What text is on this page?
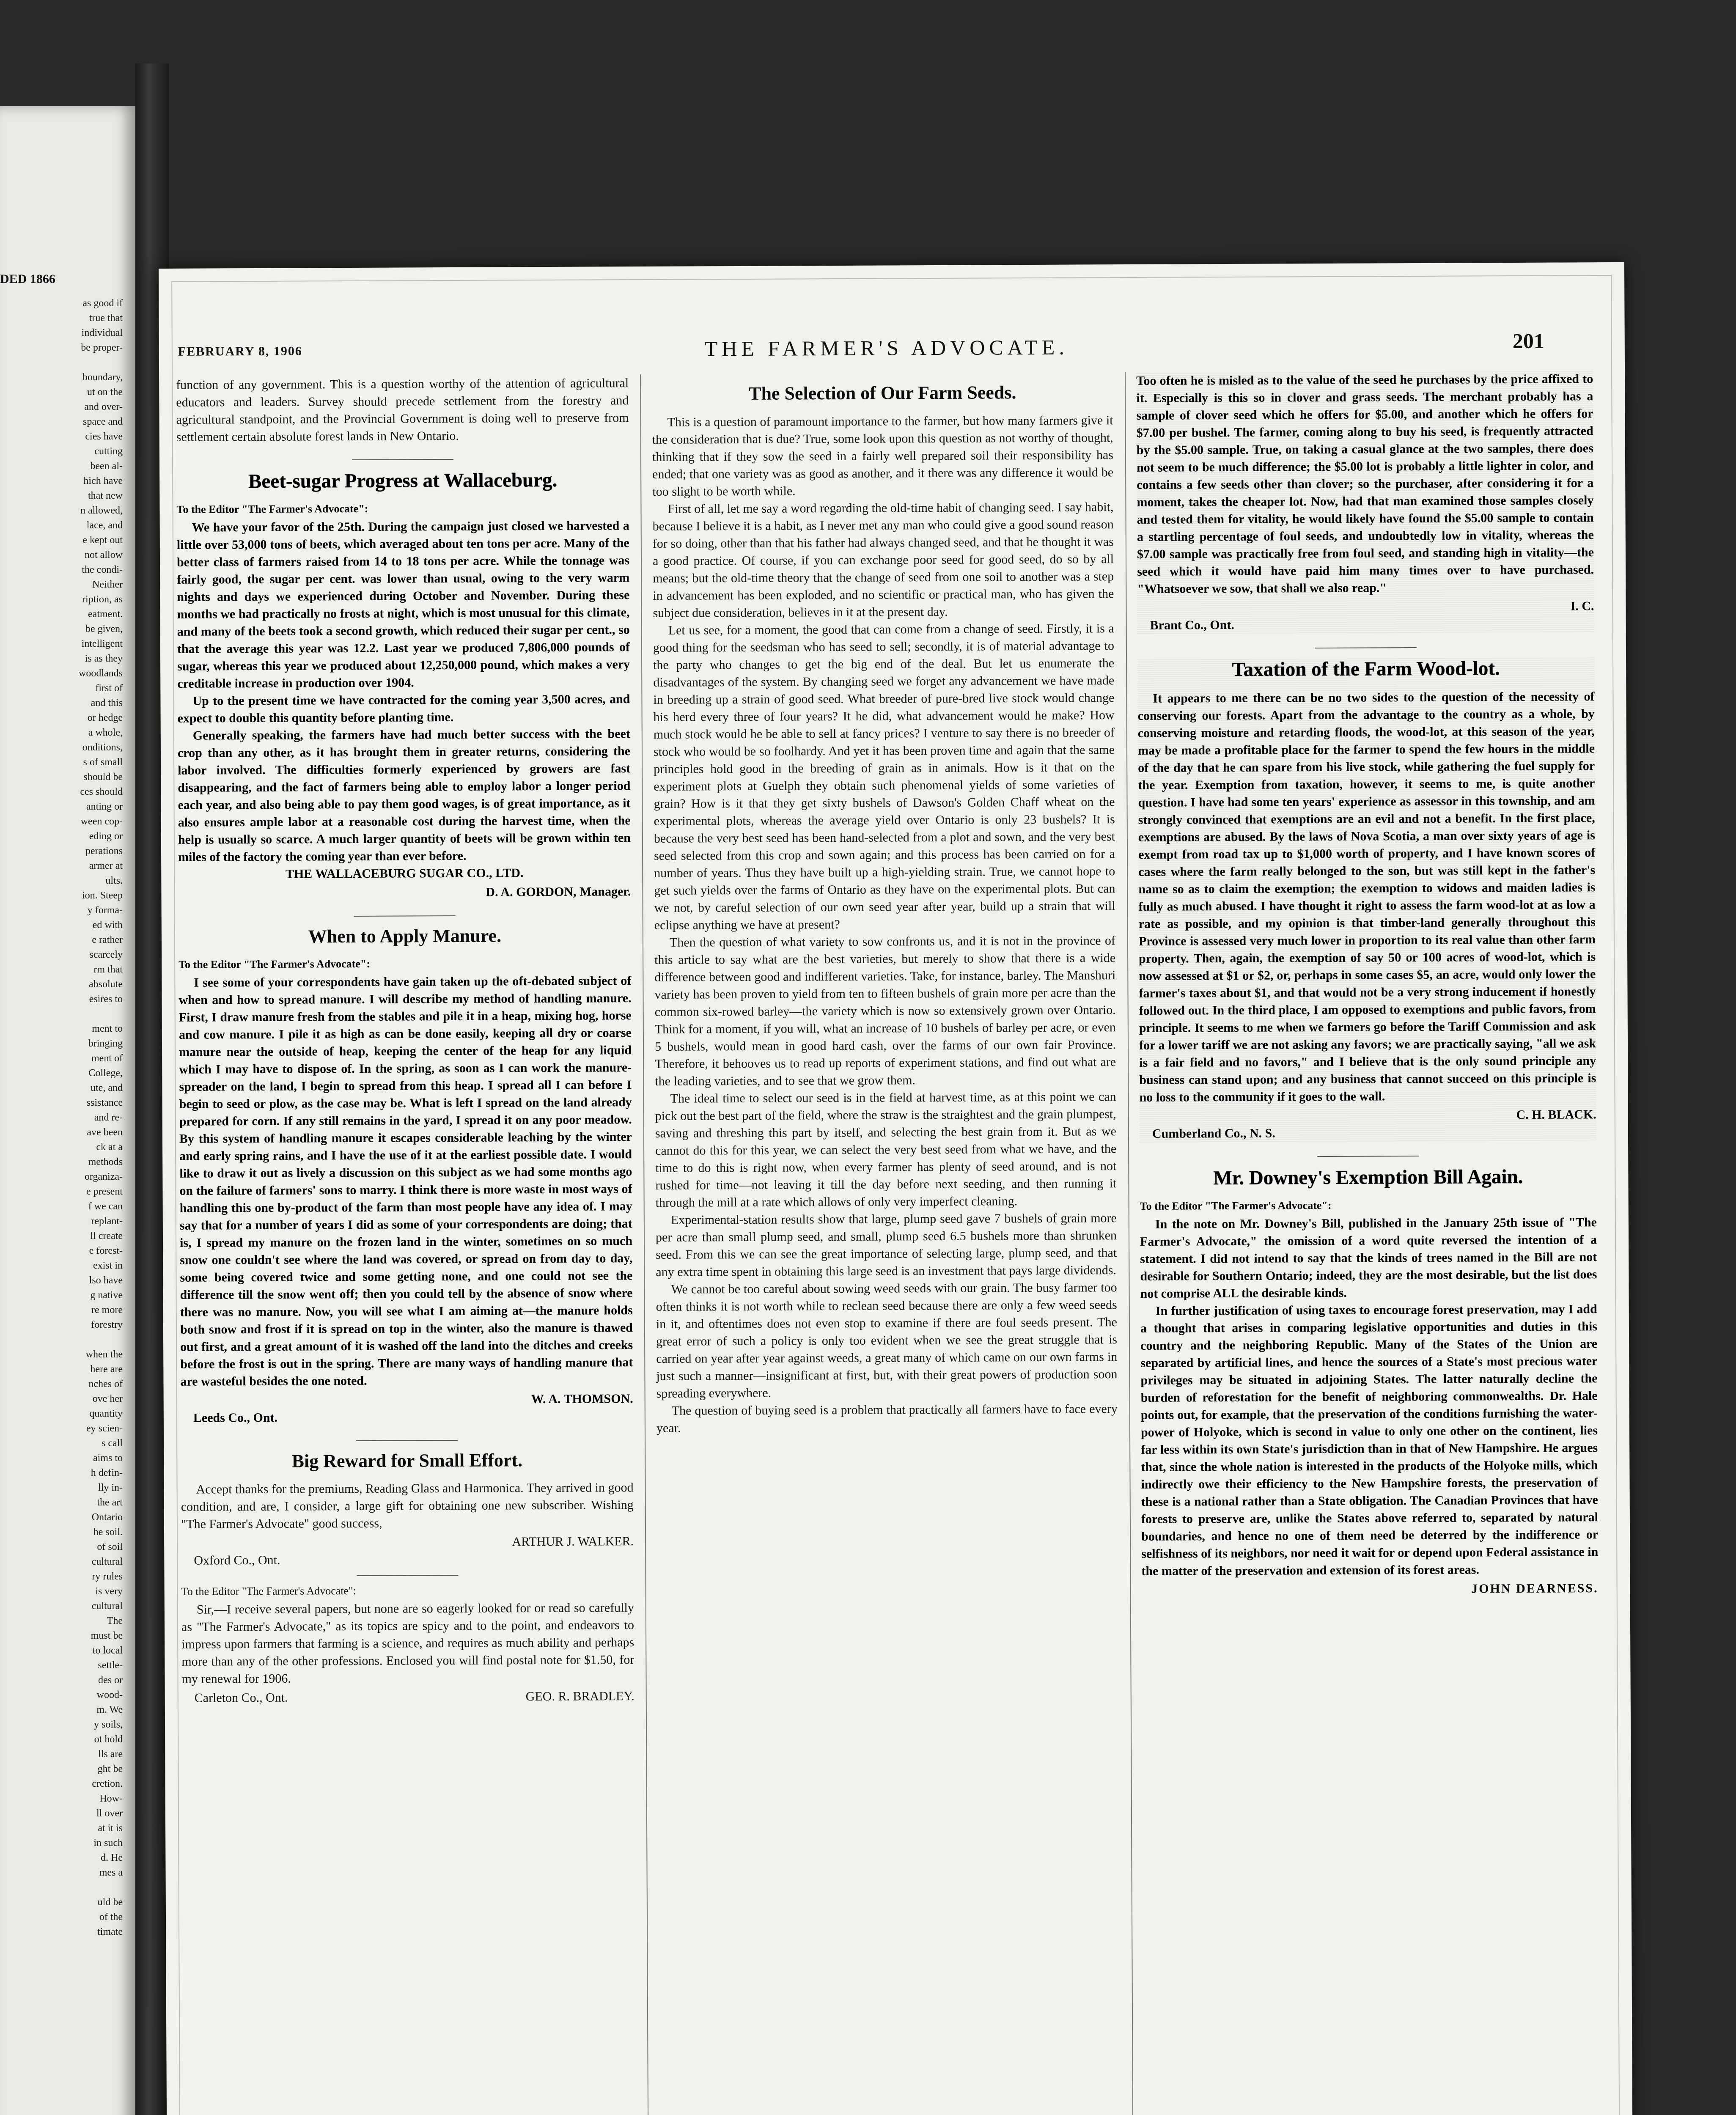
DED 1866
as good if
true that
individual
be proper-

boundary,
ut on the
and over-
space and
cies have
cutting
been al-
hich have
that new
n allowed,
lace, and
e kept out
not allow
the condi-
Neither
ription, as
eatment.
be given,
intelligent
is as they
woodlands
first of
and this
or hedge
a whole,
onditions,
s of small
should be
ces should
anting or
ween cop-
eding or
perations
armer at
ults.
ion. Steep
y forma-
ed with
e rather
scarcely
rm that
absolute
esires to

ment to
bringing
ment of
College,
ute, and
ssistance
and re-
ave been
ck at a
methods
organiza-
e present
f we can
replant-
ll create
e forest-
exist in
lso have
g native
re more
forestry

when the
here are
nches of
ove her
quantity
ey scien-
s call
aims to
h defin-
lly in-
the art
Ontario
he soil.
of soil
cultural
ry rules
is very
cultural
The
must be
to local
settle-
des or
wood-
m. We
y soils,
ot hold
lls are
ght be
cretion.
How-
ll over
at it is
in such
d. He
mes a

uld be
of the
timate
FEBRUARY 8, 1906	THE FARMER'S ADVOCATE.	201

function of any government. This is a question worthy of the attention of agricultural educators and leaders. Survey should precede settlement from the forestry and agricultural standpoint, and the Provincial Government is doing well to preserve from settlement certain absolute forest lands in New Ontario.

Beet-sugar Progress at Wallaceburg.
To the Editor "The Farmer's Advocate":

We have your favor of the 25th. During the campaign just closed we harvested a little over 53,000 tons of beets, which averaged about ten tons per acre. Many of the better class of farmers raised from 14 to 18 tons per acre. While the tonnage was fairly good, the sugar per cent. was lower than usual, owing to the very warm nights and days we experienced during October and November. During these months we had practically no frosts at night, which is most unusual for this climate, and many of the beets took a second growth, which reduced their sugar per cent., so that the average this year was 12.2. Last year we produced 7,806,000 pounds of sugar, whereas this year we produced about 12,250,000 pound, which makes a very creditable increase in production over 1904.

Up to the present time we have contracted for the coming year 3,500 acres, and expect to double this quantity before planting time.

Generally speaking, the farmers have had much better success with the beet crop than any other, as it has brought them in greater returns, considering the labor involved. The difficulties formerly experienced by growers are fast disappearing, and the fact of farmers being able to employ labor a longer period each year, and also being able to pay them good wages, is of great importance, as it also ensures ample labor at a reasonable cost during the harvest time, when the help is usually so scarce. A much larger quantity of beets will be grown within ten miles of the factory the coming year than ever before.

THE WALLACEBURG SUGAR CO., LTD.
D. A. GORDON, Manager.
When to Apply Manure.
To the Editor "The Farmer's Advocate":

I see some of your correspondents have gain taken up the oft-debated subject of when and how to spread manure. I will describe my method of handling manure. First, I draw manure fresh from the stables and pile it in a heap, mixing hog, horse and cow manure. I pile it as high as can be done easily, keeping all dry or coarse manure near the outside of heap, keeping the center of the heap for any liquid which I may have to dispose of. In the spring, as soon as I can work the manure-spreader on the land, I begin to spread from this heap. I spread all I can before I begin to seed or plow, as the case may be. What is left I spread on the land already prepared for corn. If any still remains in the yard, I spread it on any poor meadow. By this system of handling manure it escapes considerable leaching by the winter and early spring rains, and I have the use of it at the earliest possible date. I would like to draw it out as lively a discussion on this subject as we had some months ago on the failure of farmers' sons to marry. I think there is more waste in most ways of handling this one by-product of the farm than most people have any idea of. I may say that for a number of years I did as some of your correspondents are doing; that is, I spread my manure on the frozen land in the winter, sometimes on so much snow one couldn't see where the land was covered, or spread on from day to day, some being covered twice and some getting none, and one could not see the difference till the snow went off; then you could tell by the absence of snow where there was no manure. Now, you will see what I am aiming at—the manure holds both snow and frost if it is spread on top in the winter, also the manure is thawed out first, and a great amount of it is washed off the land into the ditches and creeks before the frost is out in the spring. There are many ways of handling manure that are wasteful besides the one noted.

W. A. THOMSON.
Leeds Co., Ont.
Big Reward for Small Effort.

Accept thanks for the premiums, Reading Glass and Harmonica. They arrived in good condition, and are, I consider, a large gift for obtaining one new subscriber. Wishing "The Farmer's Advocate" good success,

ARTHUR J. WALKER.
Oxford Co., Ont.
To the Editor "The Farmer's Advocate":

Sir,—I receive several papers, but none are so eagerly looked for or read so carefully as "The Farmer's Advocate," as its topics are spicy and to the point, and endeavors to impress upon farmers that farming is a science, and requires as much ability and perhaps more than any of the other professions. Enclosed you will find postal note for $1.50, for my renewal for 1906.

Carleton Co., Ont.	GEO. R. BRADLEY.
The Selection of Our Farm Seeds.

This is a question of paramount importance to the farmer, but how many farmers give it the consideration that is due? True, some look upon this question as not worthy of thought, thinking that if they sow the seed in a fairly well prepared soil their responsibility has ended; that one variety was as good as another, and it there was any difference it would be too slight to be worth while.

First of all, let me say a word regarding the old-time habit of changing seed. I say habit, because I believe it is a habit, as I never met any man who could give a good sound reason for so doing, other than that his father had always changed seed, and that he thought it was a good practice. Of course, if you can exchange poor seed for good seed, do so by all means; but the old-time theory that the change of seed from one soil to another was a step in advancement has been exploded, and no scientific or practical man, who has given the subject due consideration, believes in it at the present day.

Let us see, for a moment, the good that can come from a change of seed. Firstly, it is a good thing for the seedsman who has seed to sell; secondly, it is of material advantage to the party who changes to get the big end of the deal. But let us enumerate the disadvantages of the system. By changing seed we forget any advancement we have made in breeding up a strain of good seed. What breeder of pure-bred live stock would change his herd every three of four years? It he did, what advancement would he make? How much stock would he be able to sell at fancy prices? I venture to say there is no breeder of stock who would be so foolhardy. And yet it has been proven time and again that the same principles hold good in the breeding of grain as in animals. How is it that on the experiment plots at Guelph they obtain such phenomenal yields of some varieties of grain? How is it that they get sixty bushels of Dawson's Golden Chaff wheat on the experimental plots, whereas the average yield over Ontario is only 23 bushels? It is because the very best seed has been hand-selected from a plot and sown, and the very best seed selected from this crop and sown again; and this process has been carried on for a number of years. Thus they have built up a high-yielding strain. True, we cannot hope to get such yields over the farms of Ontario as they have on the experimental plots. But can we not, by careful selection of our own seed year after year, build up a strain that will eclipse anything we have at present?

Then the question of what variety to sow confronts us, and it is not in the province of this article to say what are the best varieties, but merely to show that there is a wide difference between good and indifferent varieties. Take, for instance, barley. The Manshuri variety has been proven to yield from ten to fifteen bushels of grain more per acre than the common six-rowed barley—the variety which is now so extensively grown over Ontario. Think for a moment, if you will, what an increase of 10 bushels of barley per acre, or even 5 bushels, would mean in good hard cash, over the farms of our own fair Province. Therefore, it behooves us to read up reports of experiment stations, and find out what are the leading varieties, and to see that we grow them.

The ideal time to select our seed is in the field at harvest time, as at this point we can pick out the best part of the field, where the straw is the straightest and the grain plumpest, saving and threshing this part by itself, and selecting the best grain from it. But as we cannot do this for this year, we can select the very best seed from what we have, and the time to do this is right now, when every farmer has plenty of seed around, and is not rushed for time—not leaving it till the day before next seeding, and then running it through the mill at a rate which allows of only very imperfect cleaning.

Experimental-station results show that large, plump seed gave 7 bushels of grain more per acre than small plump seed, and small, plump seed 6.5 bushels more than shrunken seed. From this we can see the great importance of selecting large, plump seed, and that any extra time spent in obtaining this large seed is an investment that pays large dividends.

We cannot be too careful about sowing weed seeds with our grain. The busy farmer too often thinks it is not worth while to reclean seed because there are only a few weed seeds in it, and oftentimes does not even stop to examine if there are foul seeds present. The great error of such a policy is only too evident when we see the great struggle that is carried on year after year against weeds, a great many of which came on our own farms in just such a manner—insignificant at first, but, with their great powers of production soon spreading everywhere.

The question of buying seed is a problem that practically all farmers have to face every year.

Too often he is misled as to the value of the seed he purchases by the price affixed to it. Especially is this so in clover and grass seeds. The merchant probably has a sample of clover seed which he offers for $5.00, and another which he offers for $7.00 per bushel. The farmer, coming along to buy his seed, is frequently attracted by the $5.00 sample. True, on taking a casual glance at the two samples, there does not seem to be much difference; the $5.00 lot is probably a little lighter in color, and contains a few seeds other than clover; so the purchaser, after considering it for a moment, takes the cheaper lot. Now, had that man examined those samples closely and tested them for vitality, he would likely have found the $5.00 sample to contain a startling percentage of foul seeds, and undoubtedly low in vitality, whereas the $7.00 sample was practically free from foul seed, and standing high in vitality—the seed which it would have paid him many times over to have purchased. "Whatsoever we sow, that shall we also reap."

I. C.
Brant Co., Ont.
Taxation of the Farm Wood-lot.

It appears to me there can be no two sides to the question of the necessity of conserving our forests. Apart from the advantage to the country as a whole, by conserving moisture and retarding floods, the wood-lot, at this season of the year, may be made a profitable place for the farmer to spend the few hours in the middle of the day that he can spare from his live stock, while gathering the fuel supply for the year. Exemption from taxation, however, it seems to me, is quite another question. I have had some ten years' experience as assessor in this township, and am strongly convinced that exemptions are an evil and not a benefit. In the first place, exemptions are abused. By the laws of Nova Scotia, a man over sixty years of age is exempt from road tax up to $1,000 worth of property, and I have known scores of cases where the farm really belonged to the son, but was still kept in the father's name so as to claim the exemption; the exemption to widows and maiden ladies is fully as much abused. I have thought it right to assess the farm wood-lot at as low a rate as possible, and my opinion is that timber-land generally throughout this Province is assessed very much lower in proportion to its real value than other farm property. Then, again, the exemption of say 50 or 100 acres of wood-lot, which is now assessed at $1 or $2, or, perhaps in some cases $5, an acre, would only lower the farmer's taxes about $1, and that would not be a very strong inducement if honestly followed out. In the third place, I am opposed to exemptions and public favors, from principle. It seems to me when we farmers go before the Tariff Commission and ask for a lower tariff we are not asking any favors; we are practically saying, "all we ask is a fair field and no favors," and I believe that is the only sound principle any business can stand upon; and any business that cannot succeed on this principle is no loss to the community if it goes to the wall.

C. H. BLACK.
Cumberland Co., N. S.
Mr. Downey's Exemption Bill Again.
To the Editor "The Farmer's Advocate":

In the note on Mr. Downey's Bill, published in the January 25th issue of "The Farmer's Advocate," the omission of a word quite reversed the intention of a statement. I did not intend to say that the kinds of trees named in the Bill are not desirable for Southern Ontario; indeed, they are the most desirable, but the list does not comprise ALL the desirable kinds.

In further justification of using taxes to encourage forest preservation, may I add a thought that arises in comparing legislative opportunities and duties in this country and the neighboring Republic. Many of the States of the Union are separated by artificial lines, and hence the sources of a State's most precious water privileges may be situated in adjoining States. The latter naturally decline the burden of reforestation for the benefit of neighboring commonwealths. Dr. Hale points out, for example, that the preservation of the conditions furnishing the water-power of Holyoke, which is second in value to only one other on the continent, lies far less within its own State's jurisdiction than in that of New Hampshire. He argues that, since the whole nation is interested in the products of the Holyoke mills, which indirectly owe their efficiency to the New Hampshire forests, the preservation of these is a national rather than a State obligation. The Canadian Provinces that have forests to preserve are, unlike the States above referred to, separated by natural boundaries, and hence no one of them need be deterred by the indifference or selfishness of its neighbors, nor need it wait for or depend upon Federal assistance in the matter of the preservation and extension of its forest areas.

JOHN DEARNESS.
